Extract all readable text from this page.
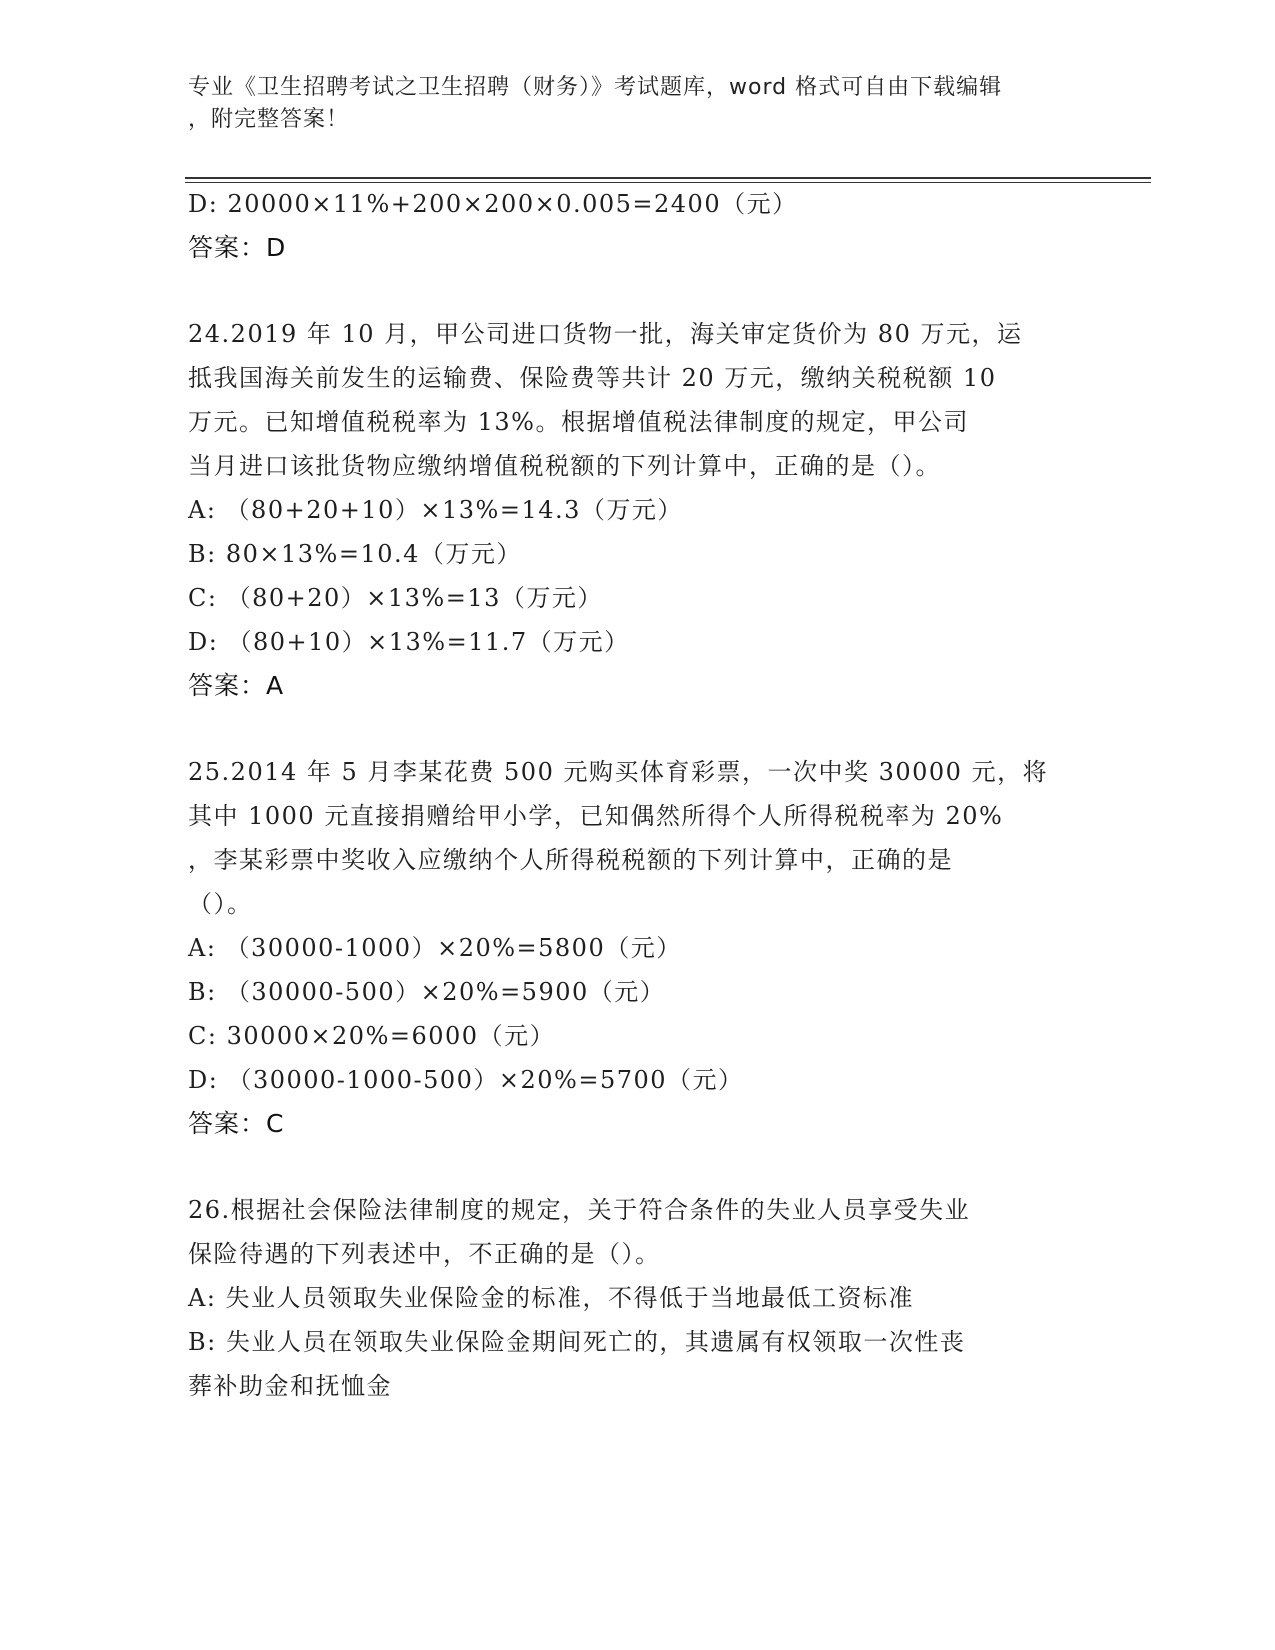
专业《卫生招聘考试之卫生招聘（财务）》考试题库，word 格式可自由下载编辑
，附完整答案！
D: 20000×11%+200×200×0.005=2400（元）
答案：D
24.2019 年 10 月，甲公司进口货物一批，海关审定货价为 80 万元，运
抵我国海关前发生的运输费、保险费等共计 20 万元，缴纳关税税额 10
万元。已知增值税税率为 13%。根据增值税法律制度的规定，甲公司
当月进口该批货物应缴纳增值税税额的下列计算中，正确的是（）。
A: （80+20+10）×13%=14.3（万元）
B: 80×13%=10.4（万元）
C: （80+20）×13%=13（万元）
D: （80+10）×13%=11.7（万元）
答案：A
25.2014 年 5 月李某花费 500 元购买体育彩票，一次中奖 30000 元，将
其中 1000 元直接捐赠给甲小学，已知偶然所得个人所得税税率为 20%
，李某彩票中奖收入应缴纳个人所得税税额的下列计算中，正确的是
（）。
A: （30000-1000）×20%=5800（元）
B: （30000-500）×20%=5900（元）
C: 30000×20%=6000（元）
D: （30000-1000-500）×20%=5700（元）
答案：C
26.根据社会保险法律制度的规定，关于符合条件的失业人员享受失业
保险待遇的下列表述中，不正确的是（）。
A: 失业人员领取失业保险金的标准，不得低于当地最低工资标准
B: 失业人员在领取失业保险金期间死亡的，其遗属有权领取一次性丧
葬补助金和抚恤金
